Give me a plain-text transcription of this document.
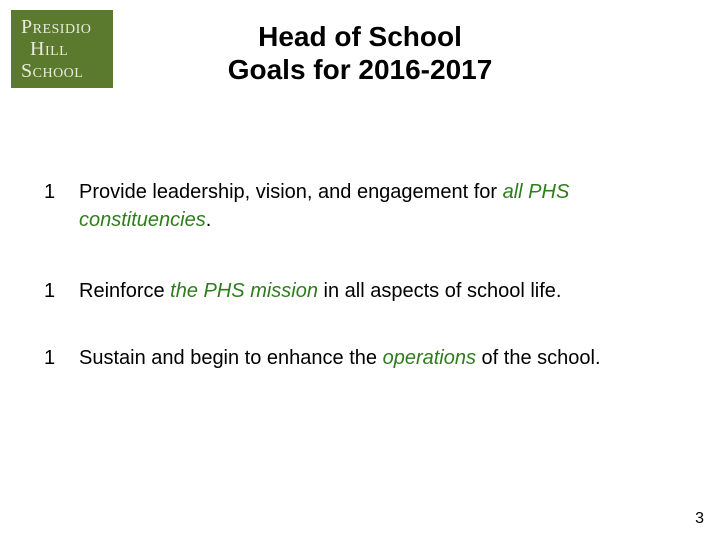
Presidio
Hill
School
Head of School
Goals for 2016-2017
1 Provide leadership, vision, and engagement for all PHS constituencies.
1 Reinforce the PHS mission in all aspects of school life.
1 Sustain and begin to enhance the operations of the school.
3
